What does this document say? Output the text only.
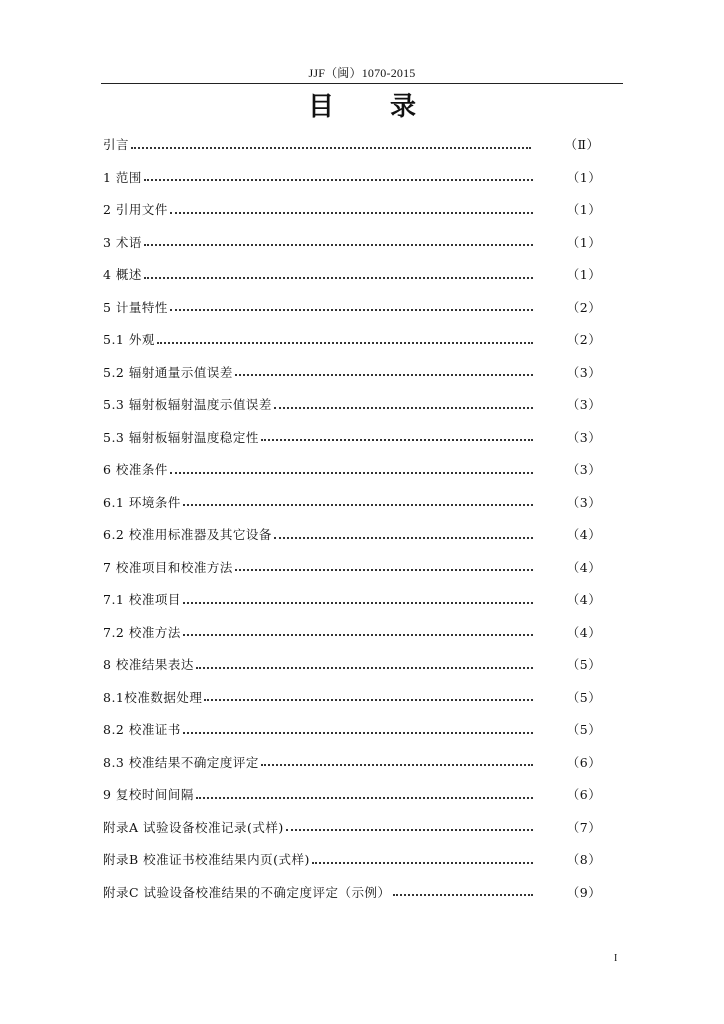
JJF（闽）1070-2015
目 录
引言	（Ⅱ）
1 范围	（1）
2 引用文件	（1）
3 术语	（1）
4 概述	（1）
5 计量特性	（2）
5.1 外观	（2）
5.2 辐射通量示值误差	（3）
5.3 辐射板辐射温度示值误差	（3）
5.3 辐射板辐射温度稳定性	（3）
6 校准条件	（3）
6.1 环境条件	（3）
6.2 校准用标准器及其它设备	（4）
7 校准项目和校准方法	（4）
7.1 校准项目	（4）
7.2 校准方法	（4）
8 校准结果表达	（5）
8.1校准数据处理	（5）
8.2 校准证书	（5）
8.3 校准结果不确定度评定	（6）
9 复校时间间隔	（6）
附录A 试验设备校准记录(式样)	（7）
附录B 校准证书校准结果内页(式样)	（8）
附录C 试验设备校准结果的不确定度评定（示例）	（9）
I
